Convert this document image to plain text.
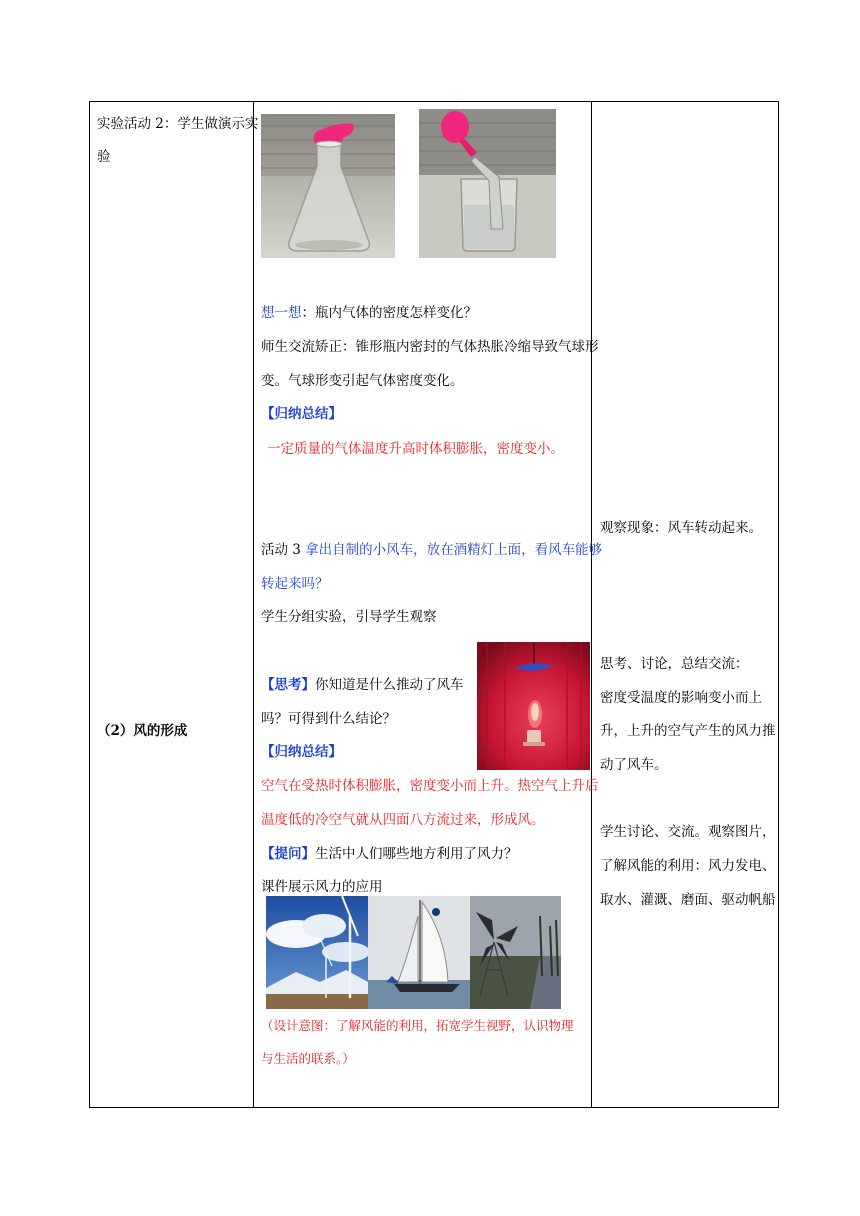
实验活动 2：学生做演示实
验
（2）风的形成
想一想：瓶内气体的密度怎样变化？
师生交流矫正：锥形瓶内密封的气体热胀冷缩导致气球形
变。气球形变引起气体密度变化。
【归纳总结】
一定质量的气体温度升高时体积膨胀，密度变小。
活动 3 拿出自制的小风车，放在酒精灯上面，看风车能够
转起来吗？
学生分组实验，引导学生观察
【思考】你知道是什么推动了风车
吗？可得到什么结论？
【归纳总结】
空气在受热时体积膨胀，密度变小而上升。热空气上升后
温度低的冷空气就从四面八方流过来，形成风。
【提问】生活中人们哪些地方利用了风力？
课件展示风力的应用
（设计意图：了解风能的利用，拓宽学生视野，认识物理
与生活的联系。）
观察现象：风车转动起来。
思考、讨论，总结交流：
密度受温度的影响变小而上
升，上升的空气产生的风力推
动了风车。
学生讨论、交流。观察图片，
了解风能的利用：风力发电、
取水、灌溉、磨面、驱动帆船
